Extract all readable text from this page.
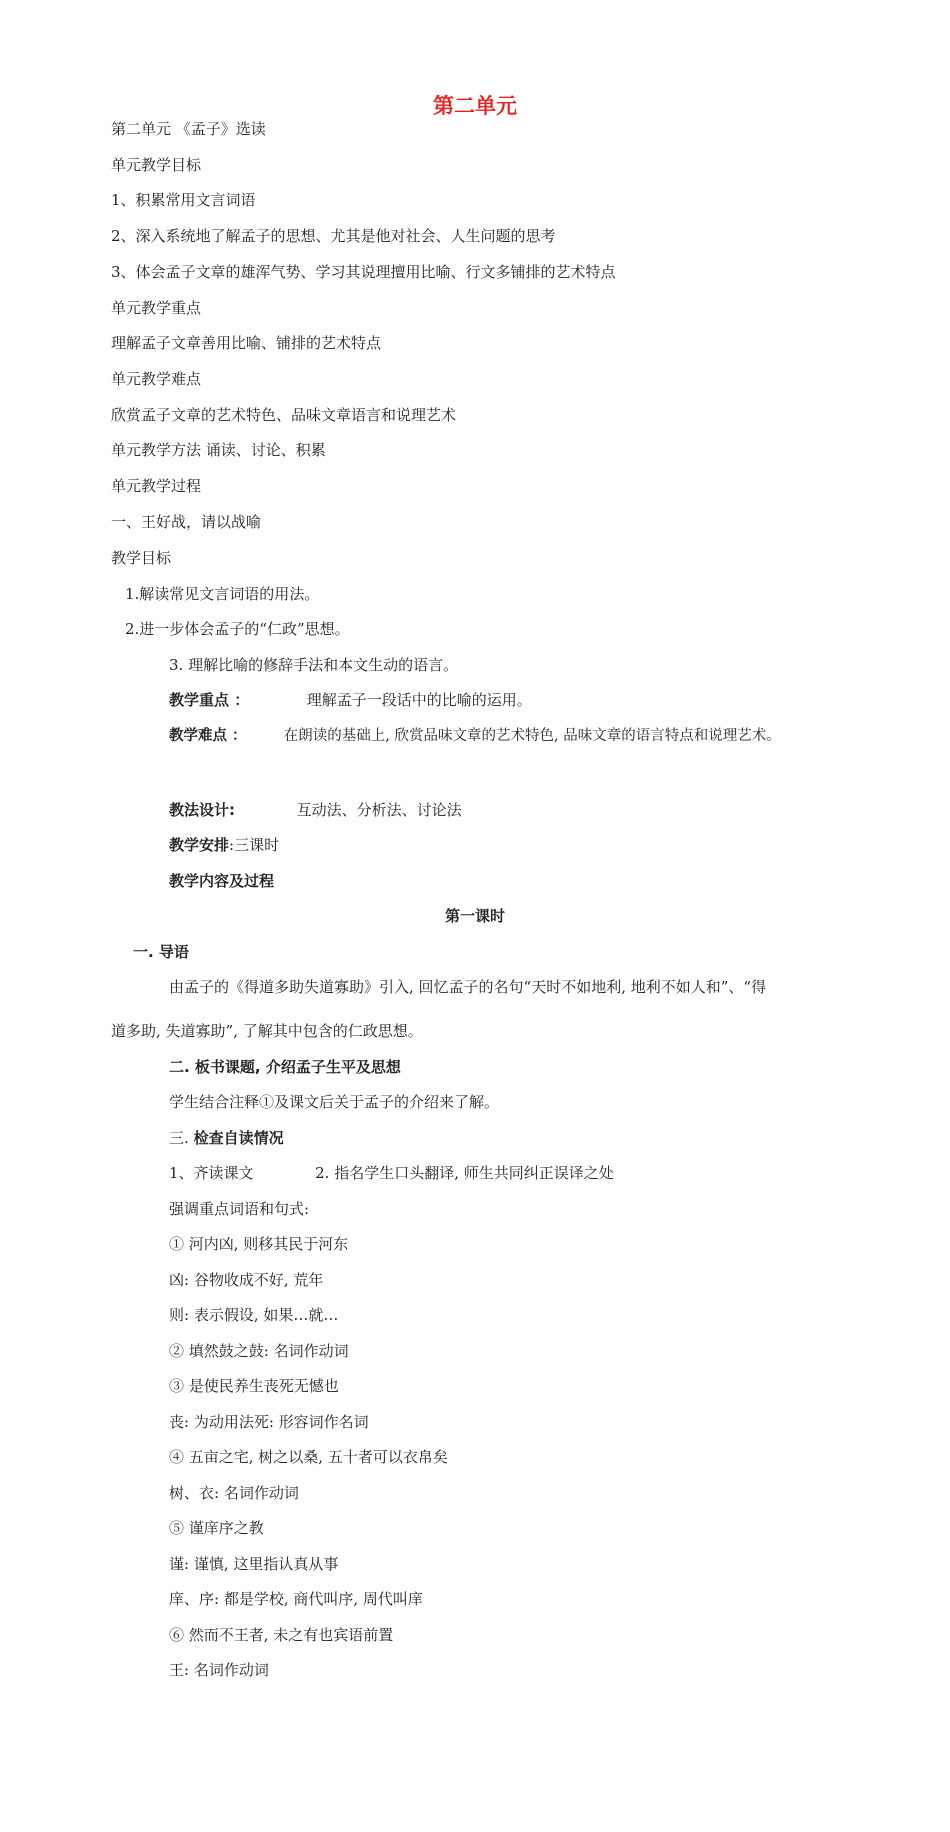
第二单元
第二单元 《孟子》选读
单元教学目标
1、积累常用文言词语
2、深入系统地了解孟子的思想、尤其是他对社会、人生问题的思考
3、体会孟子文章的雄浑气势、学习其说理擅用比喻、行文多铺排的艺术特点
单元教学重点
理解孟子文章善用比喻、铺排的艺术特点
单元教学难点
欣赏孟子文章的艺术特色、品味文章语言和说理艺术
单元教学方法 诵读、讨论、积累
单元教学过程
一、王好战，请以战喻
教学目标
1.解读常见文言词语的用法。
2.进一步体会孟子的“仁政”思想。
3. 理解比喻的修辞手法和本文生动的语言。
教学重点 ：	理解孟子一段话中的比喻的运用。
教学难点 ：	在朗读的基础上, 欣赏品味文章的艺术特色, 品味文章的语言特点和说理艺术。
教法设计:	互动法、分析法、讨论法
教学安排:三课时
教学内容及过程
第一课时
一. 导语
由孟子的《得道多助失道寡助》引入, 回忆孟子的名句“天时不如地利, 地利不如人和”、“得
道多助, 失道寡助”, 了解其中包含的仁政思想。
二. 板书课题, 介绍孟子生平及思想
学生结合注释①及课文后关于孟子的介绍来了解。
三. 检查自读情况
1、齐读课文	2. 指名学生口头翻译, 师生共同纠正误译之处
强调重点词语和句式:
① 河内凶, 则移其民于河东
凶: 谷物收成不好, 荒年
则: 表示假设, 如果…就…
② 填然鼓之鼓: 名词作动词
③ 是使民养生丧死无憾也
丧: 为动用法死: 形容词作名词
④ 五亩之宅, 树之以桑, 五十者可以衣帛矣
树、衣: 名词作动词
⑤ 谨庠序之教
谨: 谨慎, 这里指认真从事
庠、序: 都是学校, 商代叫序, 周代叫庠
⑥ 然而不王者, 未之有也宾语前置
王: 名词作动词
